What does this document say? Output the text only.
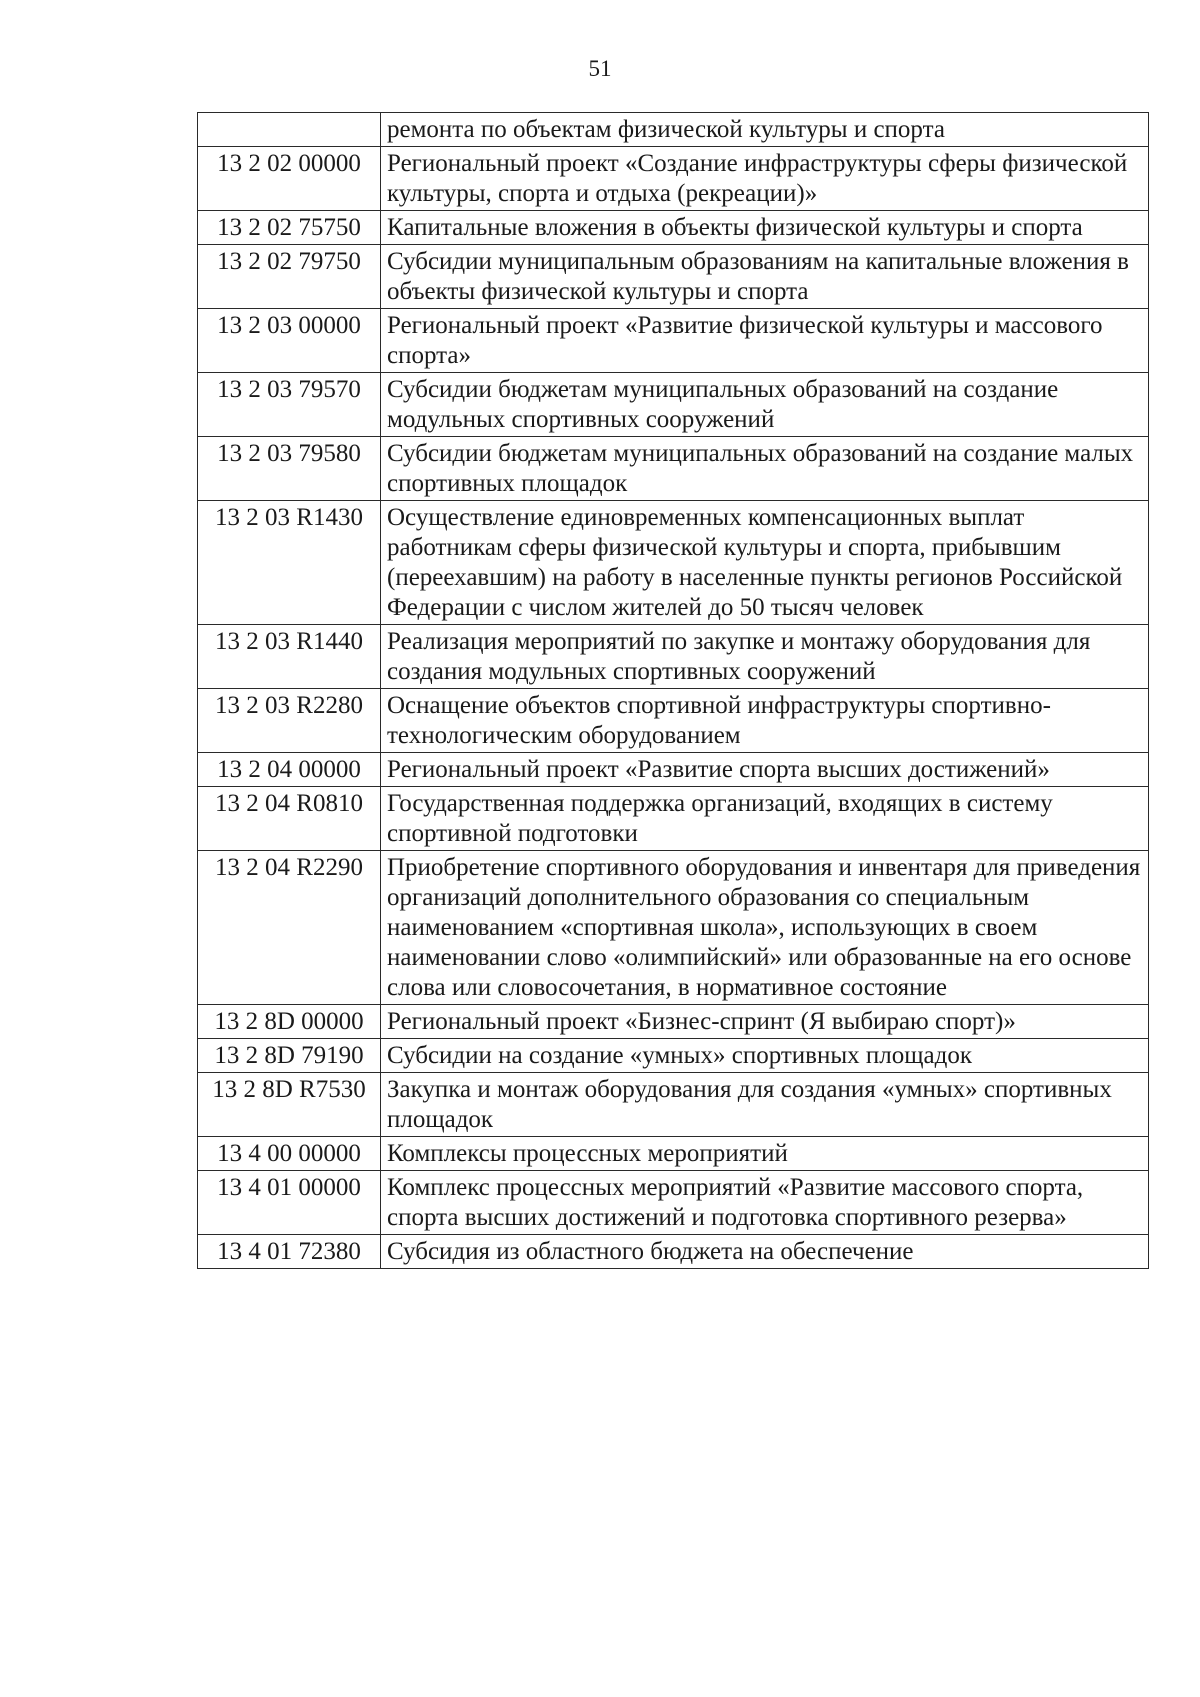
51
	ремонта по объектам физической культуры и спорта
13 2 02 00000	Региональный проект «Создание инфраструктуры сферы физической культуры, спорта и отдыха (рекреации)»
13 2 02 75750	Капитальные вложения в объекты физической культуры и спорта
13 2 02 79750	Субсидии муниципальным образованиям на капитальные вложения в объекты физической культуры и спорта
13 2 03 00000	Региональный проект «Развитие физической культуры и массового спорта»
13 2 03 79570	Субсидии бюджетам муниципальных образований на создание модульных спортивных сооружений
13 2 03 79580	Субсидии бюджетам муниципальных образований на создание малых спортивных площадок
13 2 03 R1430	Осуществление единовременных компенсационных выплат работникам сферы физической культуры и спорта, прибывшим (переехавшим) на работу в населенные пункты регионов Российской Федерации с числом жителей до 50 тысяч человек
13 2 03 R1440	Реализация мероприятий по закупке и монтажу оборудования для создания модульных спортивных сооружений
13 2 03 R2280	Оснащение объектов спортивной инфраструктуры спортивно-технологическим оборудованием
13 2 04 00000	Региональный проект «Развитие спорта высших достижений»
13 2 04 R0810	Государственная поддержка организаций, входящих в систему спортивной подготовки
13 2 04 R2290	Приобретение спортивного оборудования и инвентаря для приведения организаций дополнительного образования со специальным наименованием «спортивная школа», использующих в своем наименовании слово «олимпийский» или образованные на его основе слова или словосочетания, в нормативное состояние
13 2 8D 00000	Региональный проект «Бизнес-спринт (Я выбираю спорт)»
13 2 8D 79190	Субсидии на создание «умных» спортивных площадок
13 2 8D R7530	Закупка и монтаж оборудования для создания «умных» спортивных площадок
13 4 00 00000	Комплексы процессных мероприятий
13 4 01 00000	Комплекс процессных мероприятий «Развитие массового спорта, спорта высших достижений и подготовка спортивного резерва»
13 4 01 72380	Субсидия из областного бюджета на обеспечение
